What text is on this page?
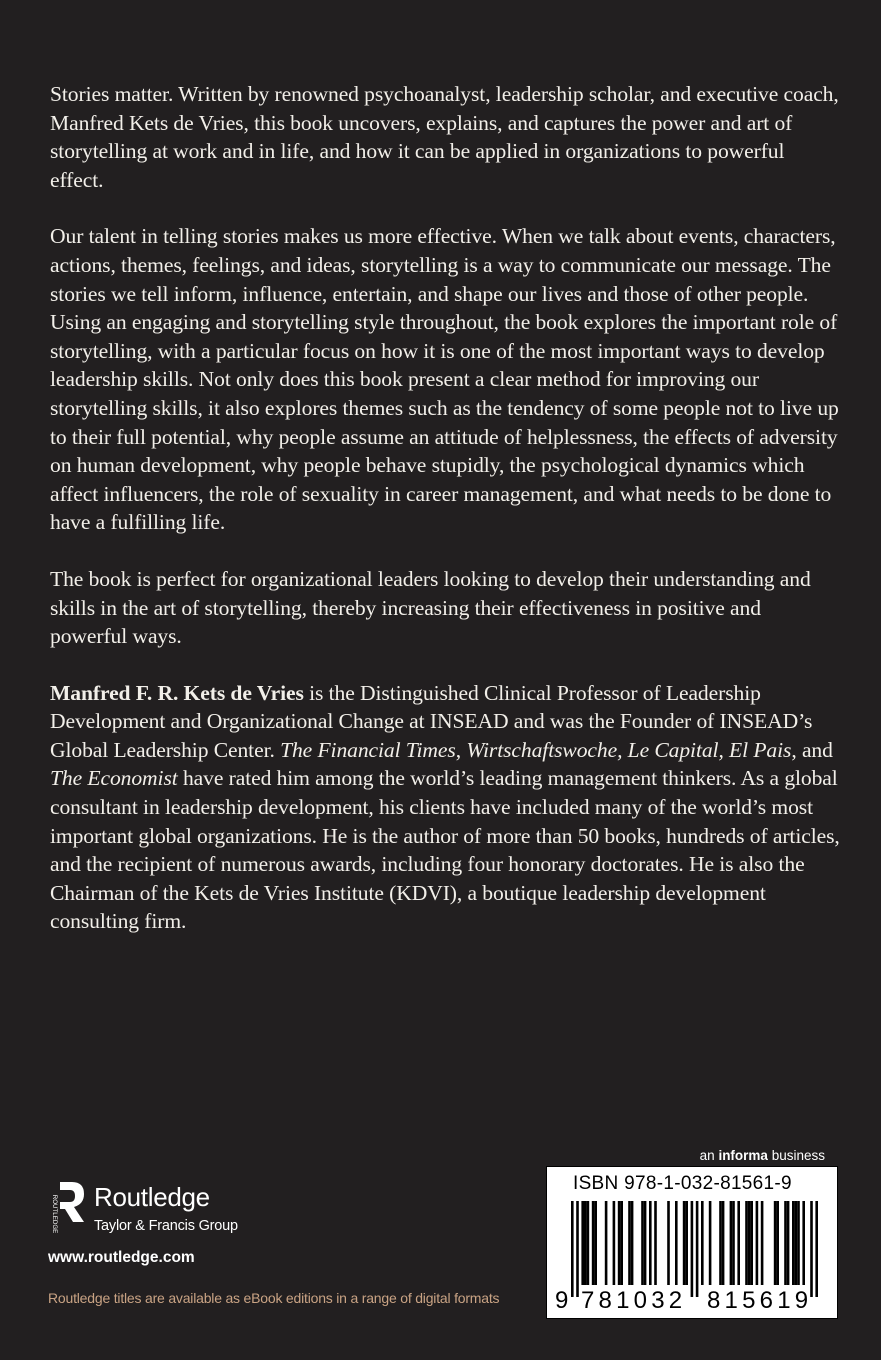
Stories matter. Written by renowned psychoanalyst, leadership scholar, and executive coach, Manfred Kets de Vries, this book uncovers, explains, and captures the power and art of storytelling at work and in life, and how it can be applied in organizations to powerful effect.

Our talent in telling stories makes us more effective. When we talk about events, characters, actions, themes, feelings, and ideas, storytelling is a way to communicate our message. The stories we tell inform, influence, entertain, and shape our lives and those of other people. Using an engaging and storytelling style throughout, the book explores the important role of storytelling, with a particular focus on how it is one of the most important ways to develop leadership skills. Not only does this book present a clear method for improving our storytelling skills, it also explores themes such as the tendency of some people not to live up to their full potential, why people assume an attitude of helplessness, the effects of adversity on human development, why people behave stupidly, the psychological dynamics which affect influencers, the role of sexuality in career management, and what needs to be done to have a fulfilling life.

The book is perfect for organizational leaders looking to develop their understanding and skills in the art of storytelling, thereby increasing their effectiveness in positive and powerful ways.

Manfred F. R. Kets de Vries is the Distinguished Clinical Professor of Leadership Development and Organizational Change at INSEAD and was the Founder of INSEAD’s Global Leadership Center. The Financial Times, Wirtschaftswoche, Le Capital, El Pais, and The Economist have rated him among the world’s leading management thinkers. As a global consultant in leadership development, his clients have included many of the world’s most important global organizations. He is the author of more than 50 books, hundreds of articles, and the recipient of numerous awards, including four honorary doctorates. He is also the Chairman of the Kets de Vries Institute (KDVI), a boutique leadership development consulting firm.

an informa business
ROUTLEDGE Routledge
Taylor & Francis Group
www.routledge.com
Routledge titles are available as eBook editions in a range of digital formats
ISBN 978-1-032-81561-9
9 781032 815619
